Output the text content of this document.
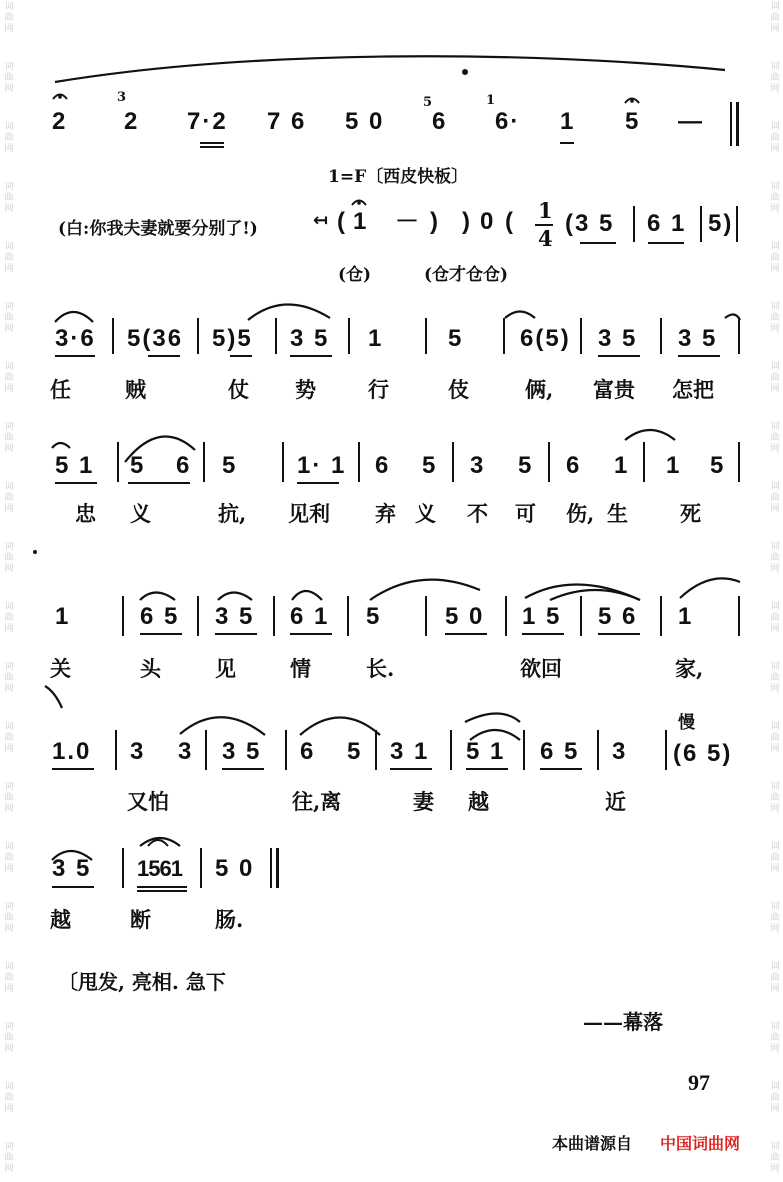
词
曲
网
词
曲
网
词
曲
网
词
曲
网
词
曲
网
词
曲
网
词
曲
网
词
曲
网
词
曲
网
词
曲
网
词
曲
网
词
曲
网
词
曲
网
词
曲
网
词
曲
网
词
曲
网
词
曲
网
词
曲
网
词
曲
网
词
曲
网
词
曲
网
词
曲
网
词
曲
网
词
曲
网
词
曲
网
词
曲
网
词
曲
网
词
曲
网
词
曲
网
词
曲
网
词
曲
网
词
曲
网
词
曲
网
词
曲
网
词
曲
网
词
曲
网
词
曲
网
词
曲
网
词
曲
网
词
曲
网
2
3
2 7·2 7 6 5 0
5
6
1
6· 1 5 —
1=F〔西皮快板〕
(白:你我夫妻就要分别了!)	↤ ( 1 － ) ) 0 ( 1
4
(3 5 6 1 5)
(仓)	(仓才仓仓)
3·6 5(36 5)5 3 5 1	5 6(5) 3 5 3 5
任	贼	仗 势 行	伎	俩, 富贵 怎把
5 1 5 6 5 1· 1 6 5 3 5 6 1 1 5
忠 义	抗, 见利 弃 义 不 可 伤, 生 死
1	6 5 3 5 6 1 5	5 0 1 5 5 6 1
关	头	见	情	长.	欲回	家,
1.0 3 3 3 5 6 5 3 1 5 1 6 5 3
慢
(6 5)
又怕	往,离	妻 越	近
3 5 1561 5 0
越	断	肠.
〔甩发, 亮相. 急下
——幕落
97
本曲谱源自 中国词曲网
